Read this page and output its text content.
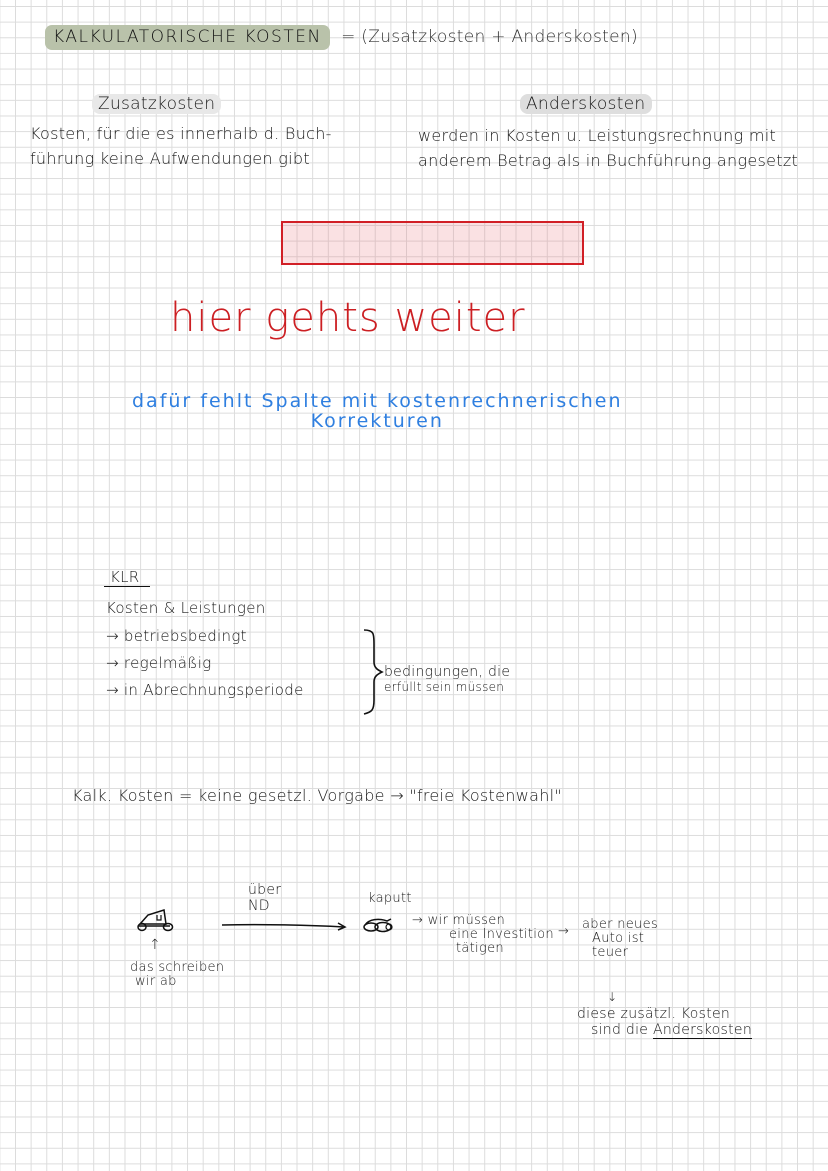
KALKULATORISCHE KOSTEN = (Zusatzkosten + Anderskosten)
Zusatzkosten
Kosten, für die es innerhalb d. Buch-
führung keine Aufwendungen gibt
Anderskosten
werden in Kosten u. Leistungsrechnung mit
anderem Betrag als in Buchführung angesetzt
hier gehts weiter
dafür fehlt Spalte mit kostenrechnerischen
Korrekturen
KLR
Kosten & Leistungen
→ betriebsbedingt
→ regelmäßig
→ in Abrechnungsperiode
bedingungen, die
erfüllt sein müssen
Kalk. Kosten = keine gesetzl. Vorgabe → "freie Kostenwahl"
↑
das schreiben
wir ab
über
ND	kaputt
→ wir müssen
eine Investition
tätigen
→ aber neues
Auto ist
teuer
↓
diese zusätzl. Kosten
sind die Anderskosten
